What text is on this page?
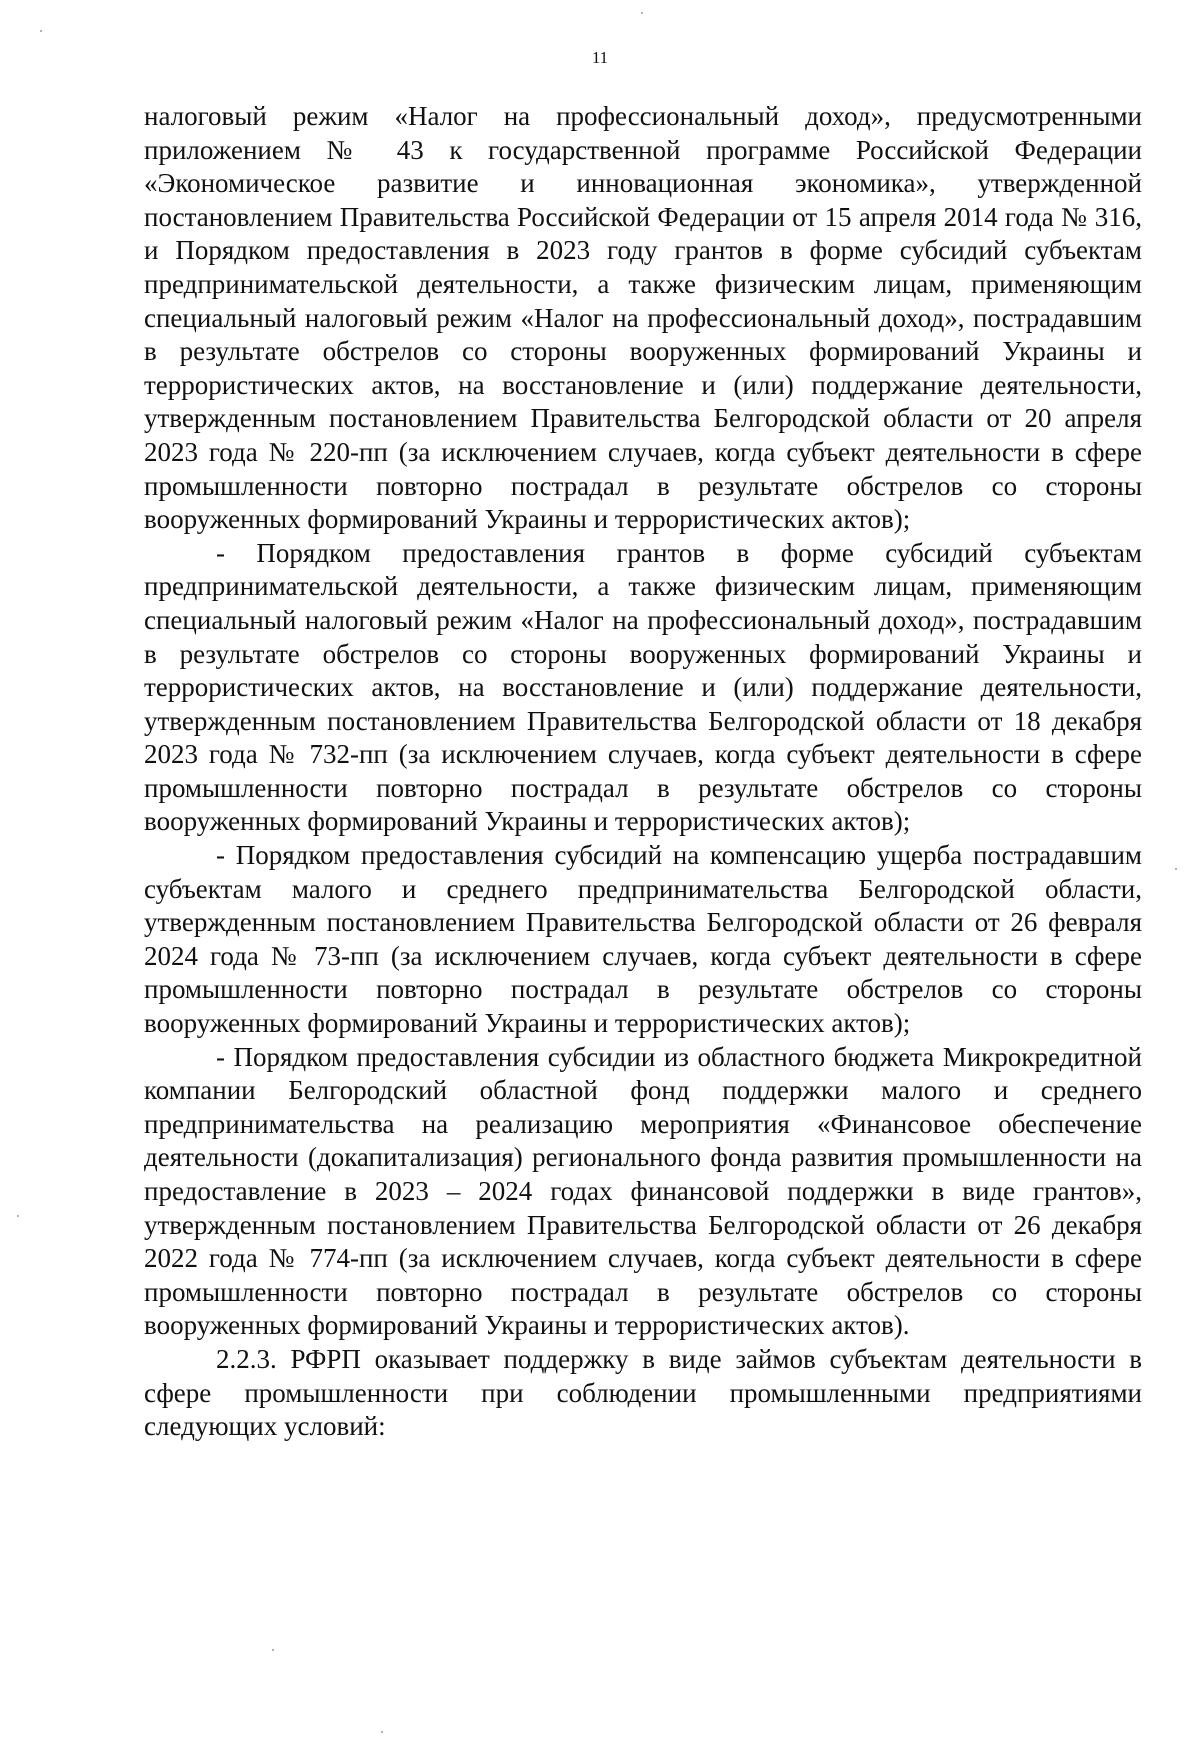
11

налоговый режим «Налог на профессиональный доход», предусмотренными приложением № 43 к государственной программе Российской Федерации «Экономическое развитие и инновационная экономика», утвержденной постановлением Правительства Российской Федерации от 15 апреля 2014 года № 316, и Порядком предоставления в 2023 году грантов в форме субсидий субъектам предпринимательской деятельности, а также физическим лицам, применяющим специальный налоговый режим «Налог на профессиональный доход», пострадавшим в результате обстрелов со стороны вооруженных формирований Украины и террористических актов, на восстановление и (или) поддержание деятельности, утвержденным постановлением Правительства Белгородской области от 20 апреля 2023 года № 220-пп (за исключением случаев, когда субъект деятельности в сфере промышленности повторно пострадал в результате обстрелов со стороны вооруженных формирований Украины и террористических актов);

- Порядком предоставления грантов в форме субсидий субъектам предпринимательской деятельности, а также физическим лицам, применяющим специальный налоговый режим «Налог на профессиональный доход», пострадавшим в результате обстрелов со стороны вооруженных формирований Украины и террористических актов, на восстановление и (или) поддержание деятельности, утвержденным постановлением Правительства Белгородской области от 18 декабря 2023 года № 732-пп (за исключением случаев, когда субъект деятельности в сфере промышленности повторно пострадал в результате обстрелов со стороны вооруженных формирований Украины и террористических актов);

- Порядком предоставления субсидий на компенсацию ущерба пострадавшим субъектам малого и среднего предпринимательства Белгородской области, утвержденным постановлением Правительства Белгородской области от 26 февраля 2024 года № 73-пп (за исключением случаев, когда субъект деятельности в сфере промышленности повторно пострадал в результате обстрелов со стороны вооруженных формирований Украины и террористических актов);

- Порядком предоставления субсидии из областного бюджета Микрокредитной компании Белгородский областной фонд поддержки малого и среднего предпринимательства на реализацию мероприятия «Финансовое обеспечение деятельности (докапитализация) регионального фонда развития промышленности на предоставление в 2023 – 2024 годах финансовой поддержки в виде грантов», утвержденным постановлением Правительства Белгородской области от 26 декабря 2022 года № 774-пп (за исключением случаев, когда субъект деятельности в сфере промышленности повторно пострадал в результате обстрелов со стороны вооруженных формирований Украины и террористических актов).

2.2.3. РФРП оказывает поддержку в виде займов субъектам деятельности в сфере промышленности при соблюдении промышленными предприятиями следующих условий:
